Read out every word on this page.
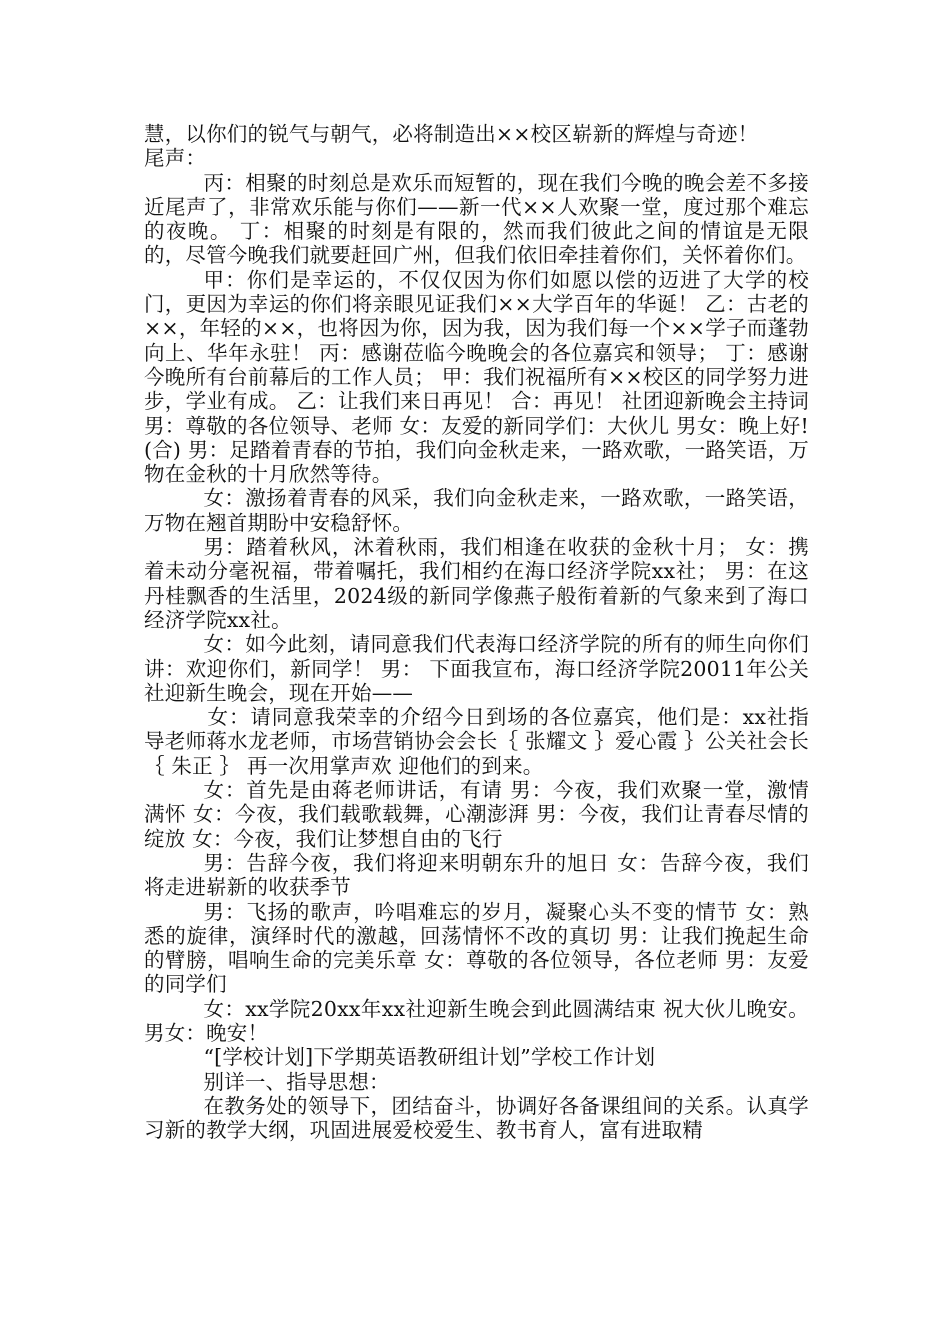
慧，以你们的锐气与朝气，必将制造出××校区崭新的辉煌与奇迹！

尾声：

丙：相聚的时刻总是欢乐而短暂的，现在我们今晚的晚会差不多接近尾声了，非常欢乐能与你们——新一代××人欢聚一堂，度过那个难忘的夜晚。 丁：相聚的时刻是有限的，然而我们彼此之间的情谊是无限的，尽管今晚我们就要赶回广州，但我们依旧牵挂着你们，关怀着你们。

甲：你们是幸运的，不仅仅因为你们如愿以偿的迈进了大学的校门，更因为幸运的你们将亲眼见证我们××大学百年的华诞！ 乙：古老的××，年轻的××，也将因为你，因为我，因为我们每一个××学子而蓬勃向上、华年永驻！ 丙：感谢莅临今晚晚会的各位嘉宾和领导； 丁：感谢今晚所有台前幕后的工作人员； 甲：我们祝福所有××校区的同学努力进步，学业有成。 乙：让我们来日再见！ 合：再见！ 社团迎新晚会主持词男：尊敬的各位领导、老师 女：友爱的新同学们：大伙儿 男女：晚上好!(合) 男：足踏着青春的节拍，我们向金秋走来，一路欢歌，一路笑语，万物在金秋的十月欣然等待。

女：激扬着青春的风采，我们向金秋走来，一路欢歌，一路笑语，万物在翘首期盼中安稳舒怀。

男：踏着秋风，沐着秋雨，我们相逢在收获的金秋十月； 女：携着未动分毫祝福，带着嘱托，我们相约在海口经济学院xx社； 男：在这丹桂飘香的生活里，2024级的新同学像燕子般衔着新的气象来到了海口经济学院xx社。

女：如今此刻，请同意我们代表海口经济学院的所有的师生向你们讲：欢迎你们，新同学！ 男： 下面我宣布，海口经济学院20011年公关社迎新生晚会，现在开始——

女：请同意我荣幸的介绍今日到场的各位嘉宾，他们是：xx社指导老师蒋水龙老师，市场营销协会会长｛ 张耀文 ｝爱心霞 ｝公关社会长｛ 朱正 ｝ 再一次用掌声欢 迎他们的到来。

女：首先是由蒋老师讲话，有请 男：今夜，我们欢聚一堂，激情满怀 女：今夜，我们载歌载舞，心潮澎湃 男：今夜，我们让青春尽情的绽放 女：今夜，我们让梦想自由的飞行

男：告辞今夜，我们将迎来明朝东升的旭日 女：告辞今夜，我们将走进崭新的收获季节

男：飞扬的歌声，吟唱难忘的岁月，凝聚心头不变的情节 女：熟悉的旋律，演绎时代的激越，回荡情怀不改的真切 男：让我们挽起生命的臂膀，唱响生命的完美乐章 女：尊敬的各位领导，各位老师 男：友爱的同学们

女：xx学院20xx年xx社迎新生晚会到此圆满结束 祝大伙儿晚安。 男女：晚安！

“[学校计划]下学期英语教研组计划”学校工作计划

别详一、指导思想：

在教务处的领导下，团结奋斗，协调好各备课组间的关系。认真学习新的教学大纲，巩固进展爱校爱生、教书育人，富有进取精
